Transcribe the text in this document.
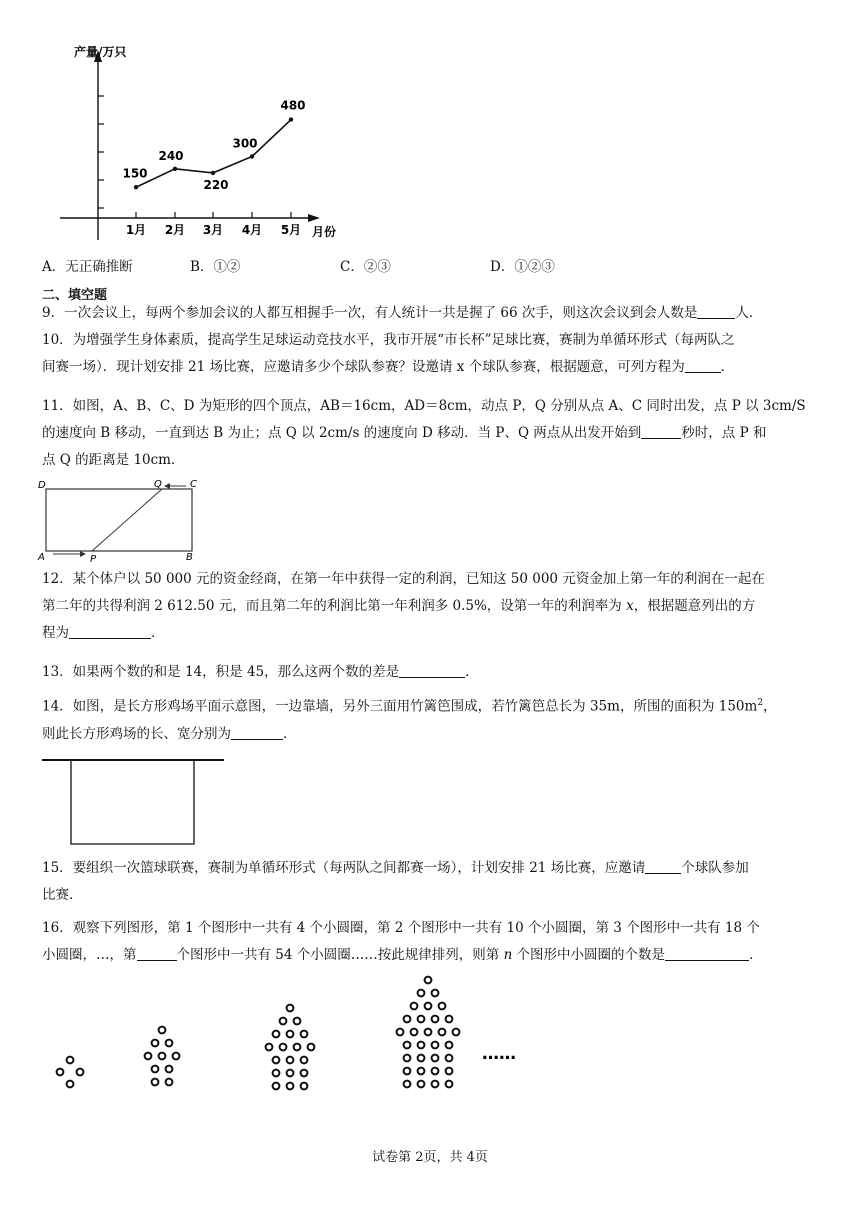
产量/万只
月份
1月 2月 3月 4月 5月
150
240
220
300
480
A．无正确推断	B．①②	C．②③	D．①②③
二、填空题
9．一次会议上，每两个参加会议的人都互相握手一次，有人统计一共是握了 66 次手，则这次会议到会人数是	人．
10．为增强学生身体素质，提高学生足球运动竞技水平，我市开展“市长杯”足球比赛，赛制为单循环形式（每两队之
间赛一场）．现计划安排 21 场比赛，应邀请多少个球队参赛？设邀请 x 个球队参赛，根据题意，可列方程为	．
11．如图，A、B、C、D 为矩形的四个顶点，AB＝16cm，AD＝8cm，动点 P，Q 分别从点 A、C 同时出发，点 P 以 3cm/S
的速度向 B 移动，一直到达 B 为止；点 Q 以 2cm/s 的速度向 D 移动．当 P、Q 两点从出发开始到	秒时，点 P 和
点 Q 的距离是 10cm．
D	Q	C
A	P	B
12．某个体户以 50 000 元的资金经商，在第一年中获得一定的利润，已知这 50 000 元资金加上第一年的利润在一起在
第二年的共得利润 2 612.50 元，而且第二年的利润比第一年利润多 0.5%，设第一年的利润率为 x，根据题意列出的方
程为	．
13．如果两个数的和是 14，积是 45，那么这两个数的差是	．
14．如图，是长方形鸡场平面示意图，一边靠墙，另外三面用竹篱笆围成，若竹篱笆总长为 35m，所围的面积为 $150m^2$，
则此长方形鸡场的长、宽分别为	．
15．要组织一次篮球联赛，赛制为单循环形式（每两队之间都赛一场），计划安排 21 场比赛，应邀请	个球队参加
比赛．
16．观察下列图形，第 1 个图形中一共有 4 个小圆圈，第 2 个图形中一共有 10 个小圆圈，第 3 个图形中一共有 18 个
小圆圈，…，第	个图形中一共有 54 个小圆圈……按此规律排列，则第 n 个图形中小圆圈的个数是	．
……
试卷第 2页，共 4页
